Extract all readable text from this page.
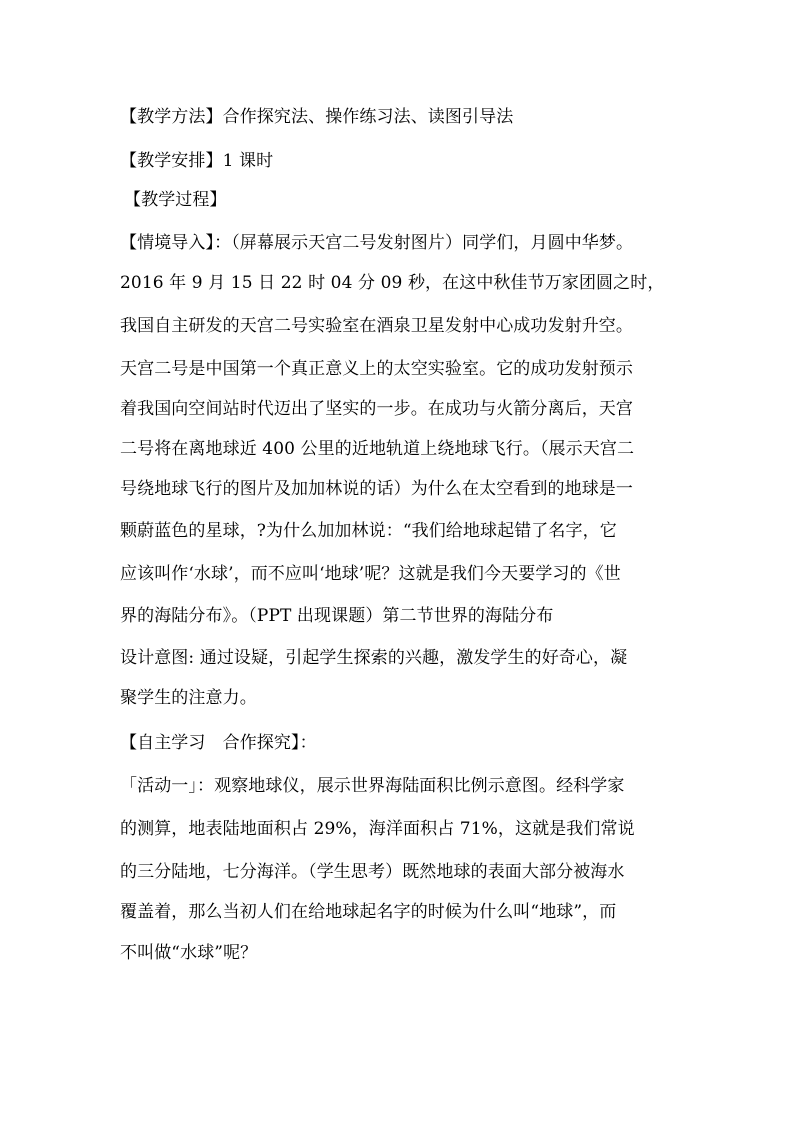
【教学方法】合作探究法、操作练习法、读图引导法
【教学安排】1 课时
【教学过程】
【情境导入】：（屏幕展示天宫二号发射图片）同学们，月圆中华梦。
2016 年 9 月 15 日 22 时 04 分 09 秒，在这中秋佳节万家团圆之时，
我国自主研发的天宫二号实验室在酒泉卫星发射中心成功发射升空。
天宫二号是中国第一个真正意义上的太空实验室。它的成功发射预示
着我国向空间站时代迈出了坚实的一步。在成功与火箭分离后，天宫
二号将在离地球近 400 公里的近地轨道上绕地球飞行。（展示天宫二
号绕地球飞行的图片及加加林说的话）为什么在太空看到的地球是一
颗蔚蓝色的星球，?为什么加加林说：“我们给地球起错了名字，它
应该叫作‘水球’，而不应叫‘地球’呢？这就是我们今天要学习的《世
界的海陆分布》。（PPT 出现课题）第二节世界的海陆分布
设计意图: 通过设疑，引起学生探索的兴趣，激发学生的好奇心，凝
聚学生的注意力。
【自主学习　合作探究】：
「活动一」：观察地球仪，展示世界海陆面积比例示意图。经科学家
的测算，地表陆地面积占 29%，海洋面积占 71%，这就是我们常说
的三分陆地，七分海洋。（学生思考）既然地球的表面大部分被海水
覆盖着，那么当初人们在给地球起名字的时候为什么叫“地球”，而
不叫做“水球”呢？
